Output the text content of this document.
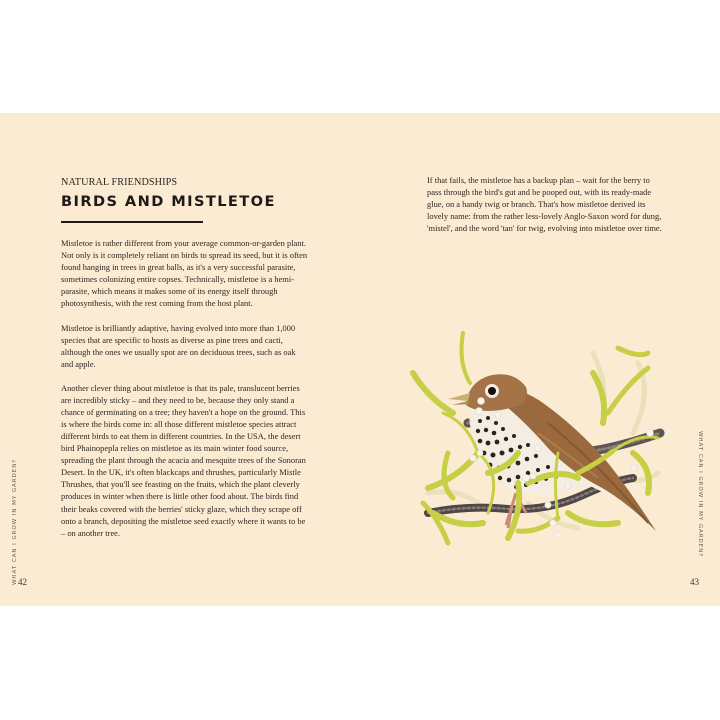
NATURAL FRIENDSHIPS
BIRDS AND MISTLETOE

Mistletoe is rather different from your average common-or-garden plant. Not only is it completely reliant on birds to spread its seed, but it is often found hanging in trees in great balls, as it's a very successful parasite, sometimes colonizing entire copses. Technically, mistletoe is a hemi-parasite, which means it makes some of its energy itself through photosynthesis, with the rest coming from the host plant.

Mistletoe is brilliantly adaptive, having evolved into more than 1,000 species that are specific to hosts as diverse as pine trees and cacti, although the ones we usually spot are on deciduous trees, such as oak and apple.

Another clever thing about mistletoe is that its pale, translucent berries are incredibly sticky – and they need to be, because they only stand a chance of germinating on a tree; they haven't a hope on the ground. This is where the birds come in: all those different mistletoe species attract different birds to eat them in different countries. In the USA, the desert bird Phainopepla relies on mistletoe as its main winter food source, spreading the plant through the acacia and mesquite trees of the Sonoran Desert. In the UK, it's often blackcaps and thrushes, particularly Mistle Thrushes, that you'll see feasting on the fruits, which the plant cleverly produces in winter when there is little other food about. The birds find their beaks covered with the berries' sticky glaze, which they scrape off onto a branch, depositing the mistletoe seed exactly where it wants to be – on another tree.

WHAT CAN I GROW IN MY GARDEN? 42

If that fails, the mistletoe has a backup plan – wait for the berry to pass through the bird's gut and be pooped out, with its ready-made glue, on a handy twig or branch. That's how mistletoe derived its lovely name: from the rather less-lovely Anglo-Saxon word for dung, 'mistel', and the word 'tan' for twig, evolving into mistletoe over time.

WHAT CAN I GROW IN MY GARDEN?
43
